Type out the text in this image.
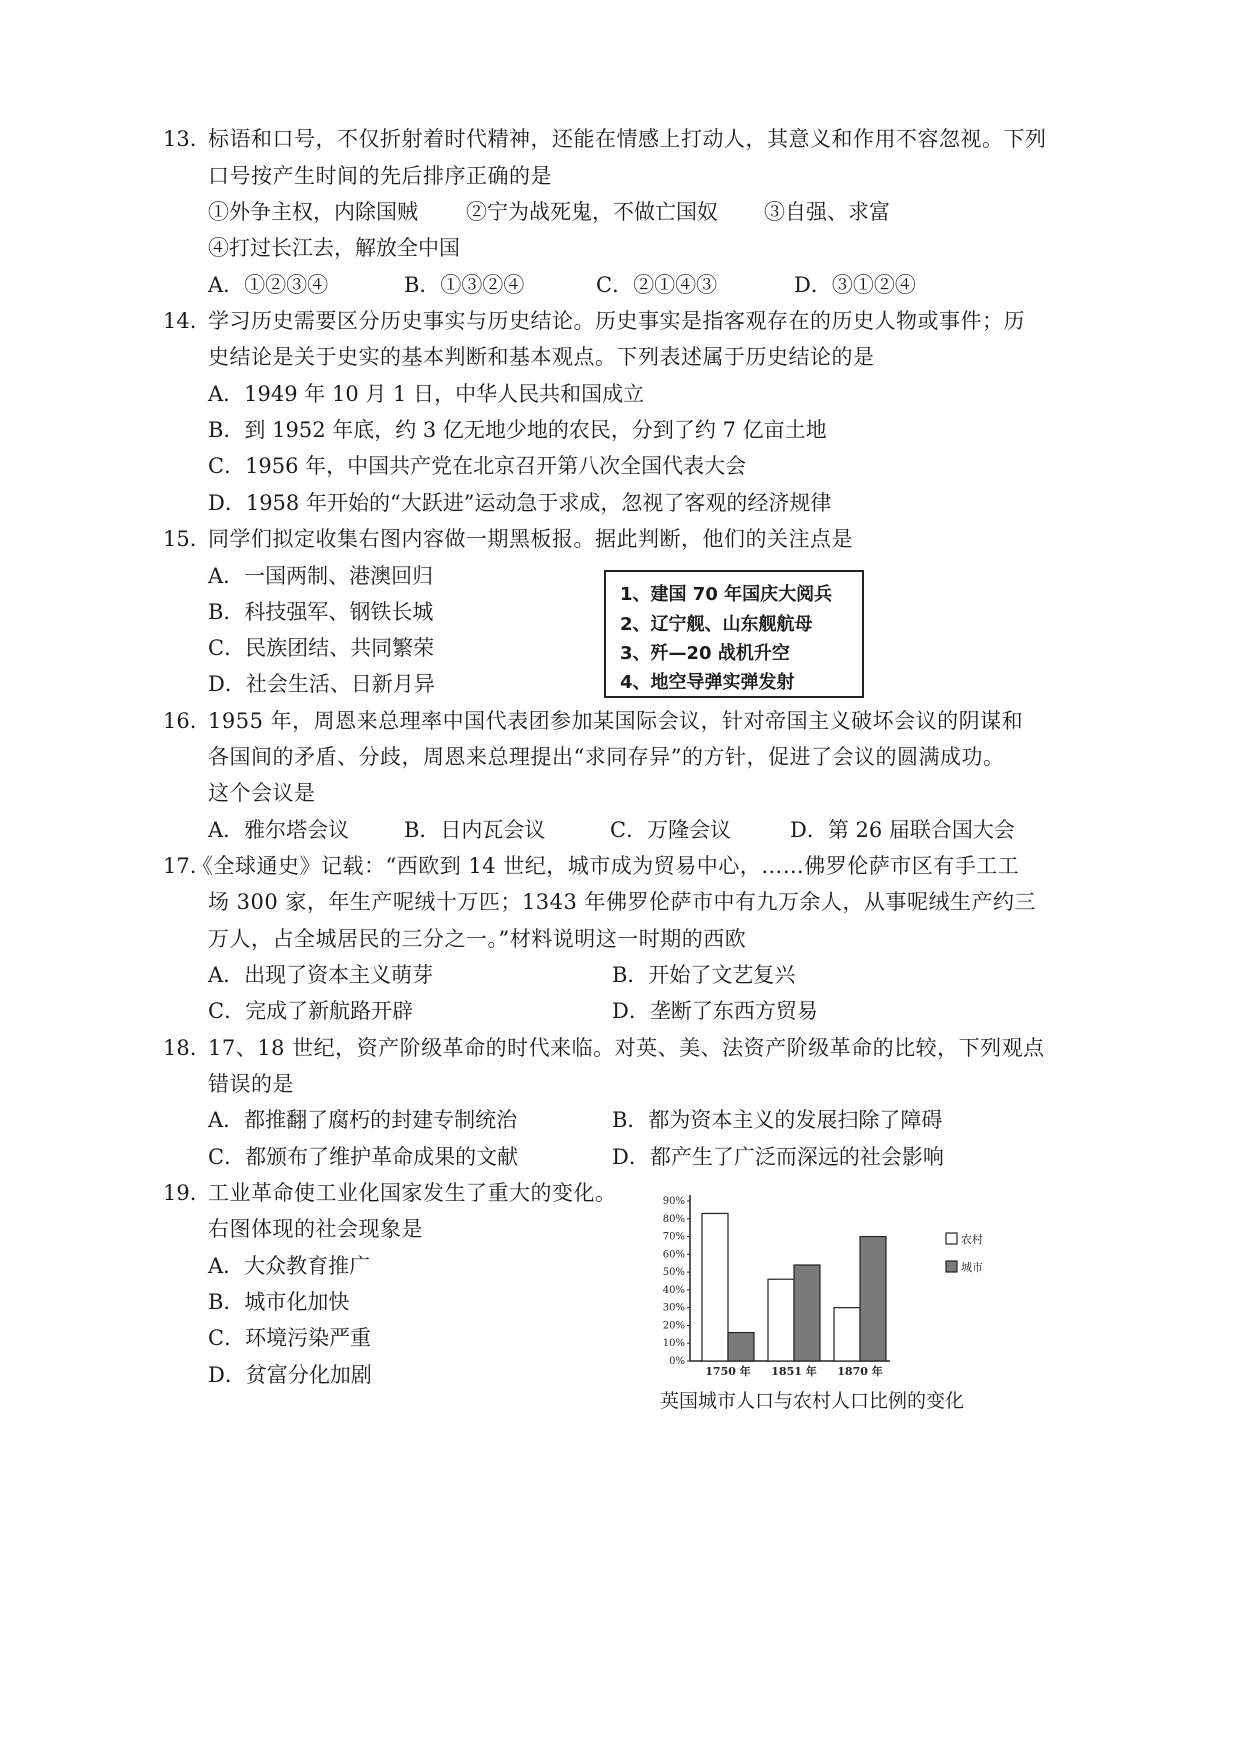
13. 标语和口号，不仅折射着时代精神，还能在情感上打动人，其意义和作用不容忽视。下列
口号按产生时间的先后排序正确的是
①外争主权，内除国贼 ②宁为战死鬼，不做亡国奴 ③自强、求富
④打过长江去，解放全中国
A．①②③④	B．①③②④	C．②①④③	D．③①②④
14. 学习历史需要区分历史事实与历史结论。历史事实是指客观存在的历史人物或事件；历
史结论是关于史实的基本判断和基本观点。下列表述属于历史结论的是
A．1949 年 10 月 1 日，中华人民共和国成立
B．到 1952 年底，约 3 亿无地少地的农民，分到了约 7 亿亩土地
C．1956 年，中国共产党在北京召开第八次全国代表大会
D．1958 年开始的“大跃进”运动急于求成，忽视了客观的经济规律
15. 同学们拟定收集右图内容做一期黑板报。据此判断，他们的关注点是
A．一国两制、港澳回归
B．科技强军、钢铁长城
C．民族团结、共同繁荣
D．社会生活、日新月异
1、建国 70 年国庆大阅兵
2、辽宁舰、山东舰航母
3、歼—20 战机升空
4、地空导弹实弹发射
16. 1955 年，周恩来总理率中国代表团参加某国际会议，针对帝国主义破坏会议的阴谋和
各国间的矛盾、分歧，周恩来总理提出“求同存异”的方针，促进了会议的圆满成功。
这个会议是
A．雅尔塔会议	B．日内瓦会议	C．万隆会议	D．第 26 届联合国大会
17.
《全球通史》记载：“西欧到 14 世纪，城市成为贸易中心，……佛罗伦萨市区有手工工
场 300 家，年生产呢绒十万匹；1343 年佛罗伦萨市中有九万余人，从事呢绒生产约三
万人，占全城居民的三分之一。”材料说明这一时期的西欧
A．出现了资本主义萌芽	B．开始了文艺复兴
C．完成了新航路开辟	D．垄断了东西方贸易
18. 17、18 世纪，资产阶级革命的时代来临。对英、美、法资产阶级革命的比较，下列观点
错误的是
A．都推翻了腐朽的封建专制统治	B．都为资本主义的发展扫除了障碍
C．都颁布了维护革命成果的文献	D．都产生了广泛而深远的社会影响
19. 工业革命使工业化国家发生了重大的变化。
右图体现的社会现象是
A．大众教育推广
B．城市化加快
C．环境污染严重
D．贫富分化加剧
0%
10%
20%
30%
40%
50%
60%
70%
80%
90%
1750 年 1851 年 1870 年
农村
城市
英国城市人口与农村人口比例的变化
